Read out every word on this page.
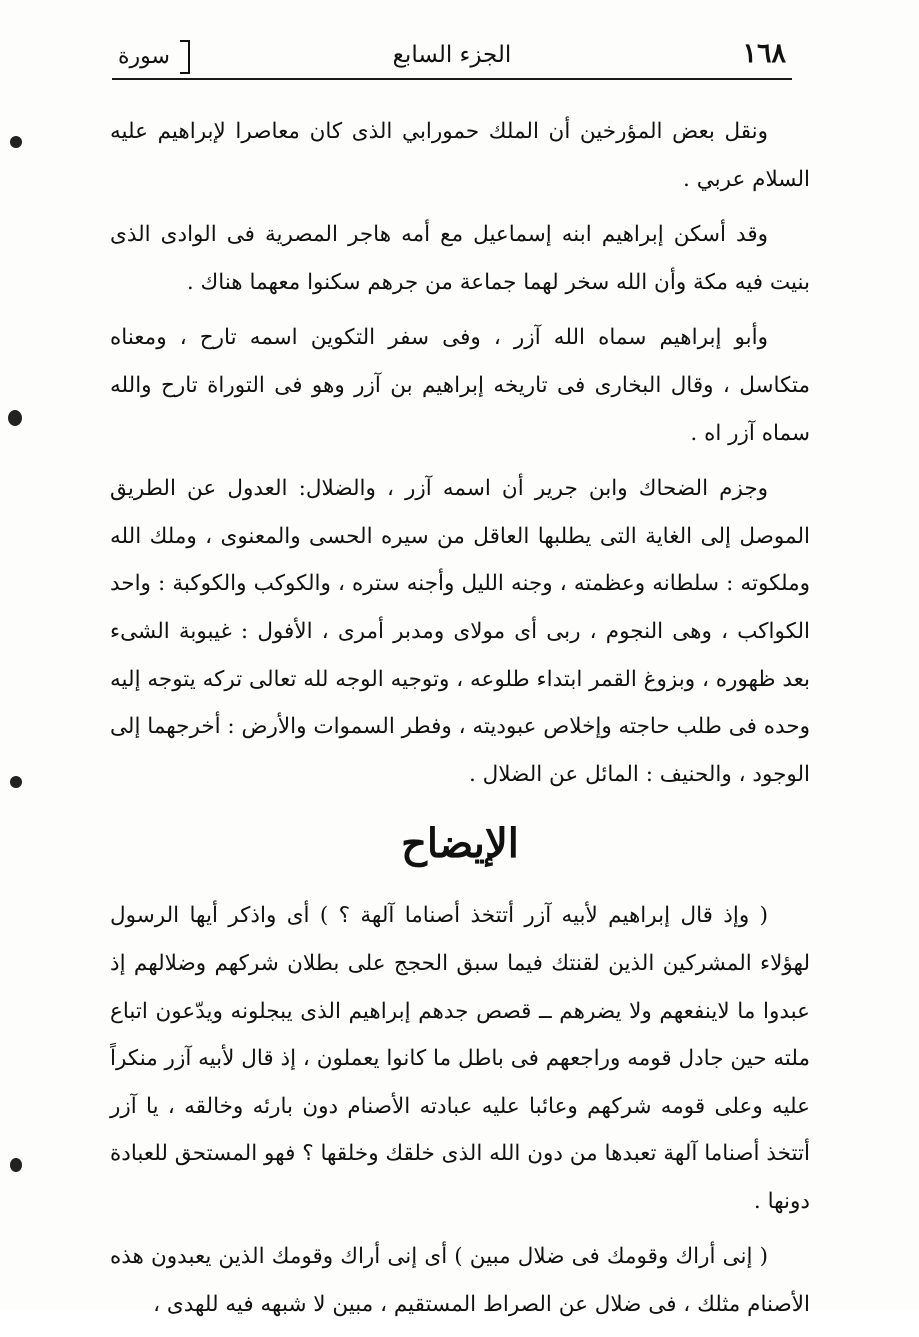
١٦٨
الجزء السابع
سورة

ونقل بعض المؤرخين أن الملك حمورابي الذى كان معاصرا لإبراهيم عليه السلام عربي .

وقد أسكن إبراهيم ابنه إسماعيل مع أمه هاجر المصرية فى الوادى الذى بنيت فيه مكة وأن الله سخر لهما جماعة من جرهم سكنوا معهما هناك .

وأبو إبراهيم سماه الله آزر ، وفى سفر التكوين اسمه تارح ، ومعناه متكاسل ، وقال البخارى فى تاريخه إبراهيم بن آزر وهو فى التوراة تارح والله سماه آزر اه .

وجزم الضحاك وابن جرير أن اسمه آزر ، والضلال: العدول عن الطريق الموصل إلى الغاية التى يطلبها العاقل من سيره الحسى والمعنوى ، وملك الله وملكوته : سلطانه وعظمته ، وجنه الليل وأجنه ستره ، والكوكب والكوكبة : واحد الكواكب ، وهى النجوم ، ربى أى مولاى ومدبر أمرى ، الأفول : غيبوبة الشىء بعد ظهوره ، وبزوغ القمر ابتداء طلوعه ، وتوجيه الوجه لله تعالى تركه يتوجه إليه وحده فى طلب حاجته وإخلاص عبوديته ، وفطر السموات والأرض : أخرجهما إلى الوجود ، والحنيف : المائل عن الضلال .

الإيضاح

( وإذ قال إبراهيم لأبيه آزر أتتخذ أصناما آلهة ؟ ) أى واذكر أيها الرسول لهؤلاء المشركين الذين لقنتك فيما سبق الحجج على بطلان شركهم وضلالهم إذ عبدوا ما لاينفعهم ولا يضرهم ــ قصص جدهم إبراهيم الذى يبجلونه ويدّعون اتباع ملته حين جادل قومه وراجعهم فى باطل ما كانوا يعملون ، إذ قال لأبيه آزر منكراً عليه وعلى قومه شركهم وعائبا عليه عبادته الأصنام دون بارئه وخالقه ، يا آزر أتتخذ أصناما آلهة تعبدها من دون الله الذى خلقك وخلقها ؟ فهو المستحق للعبادة دونها .

( إنى أراك وقومك فى ضلال مبين ) أى إنى أراك وقومك الذين يعبدون هذه الأصنام مثلك ، فى ضلال عن الصراط المستقيم ، مبين لا شبهه فيه للهدى ،
